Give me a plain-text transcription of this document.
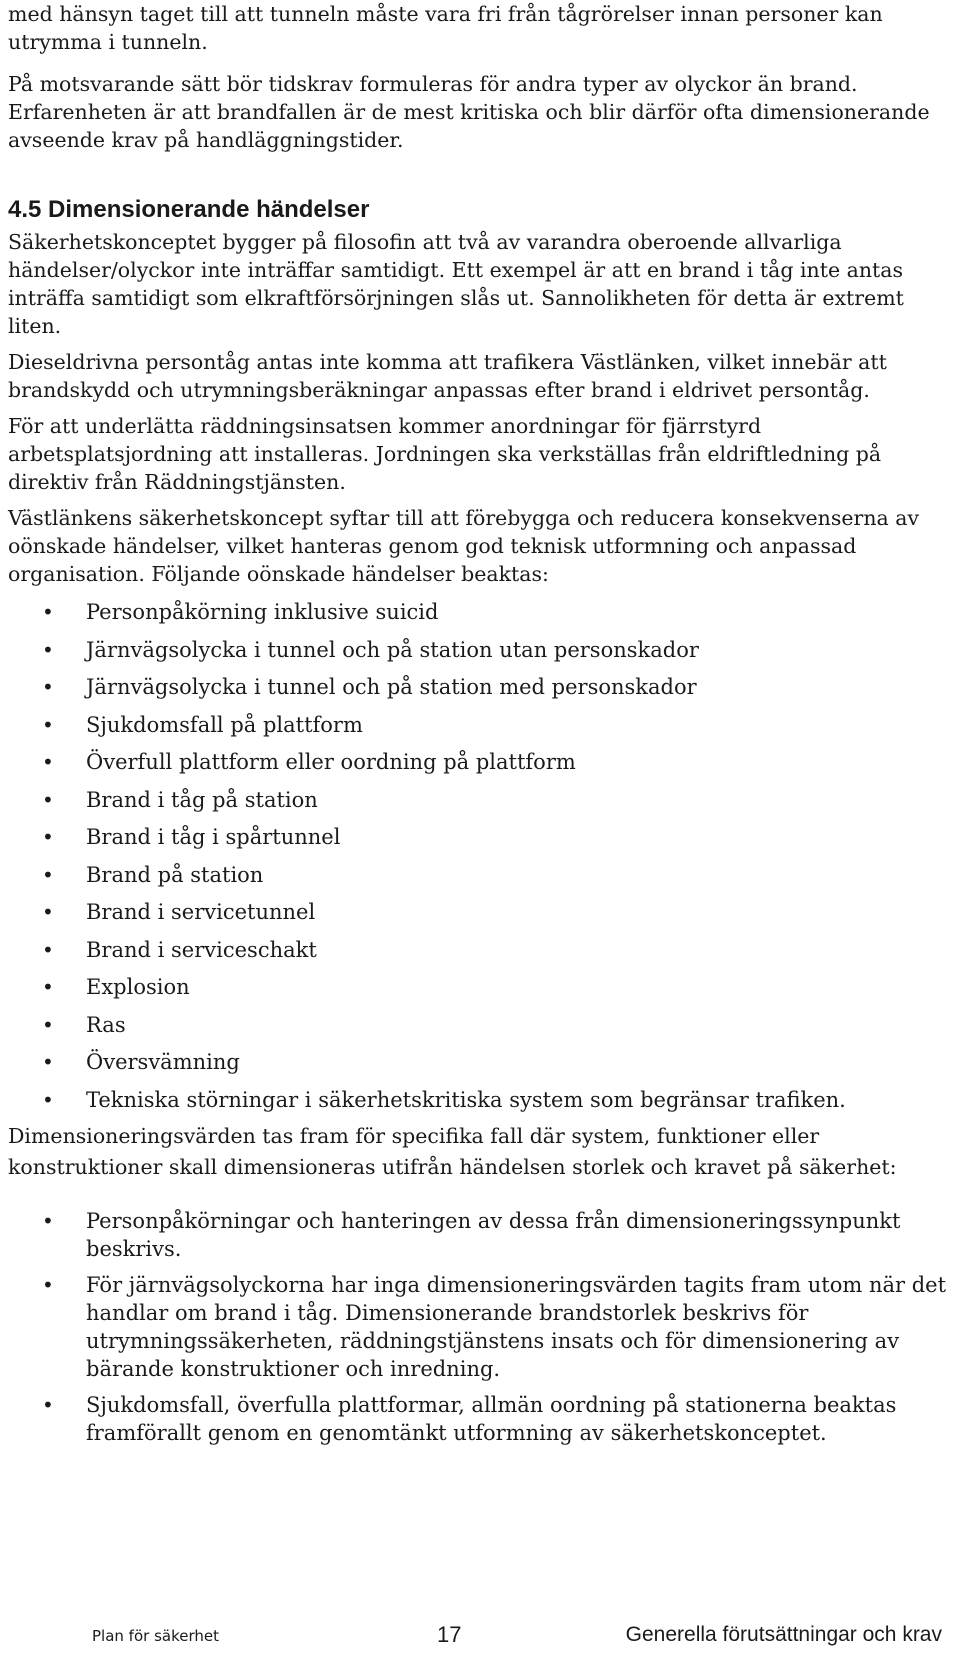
med hänsyn taget till att tunneln måste vara fri från tågrörelser innan personer kan utrymma i tunneln.

På motsvarande sätt bör tidskrav formuleras för andra typer av olyckor än brand. Erfarenheten är att brandfallen är de mest kritiska och blir därför ofta dimensionerande avseende krav på handläggningstider.

4.5 Dimensionerande händelser

Säkerhetskonceptet bygger på filosofin att två av varandra oberoende allvarliga händelser/olyckor inte inträffar samtidigt. Ett exempel är att en brand i tåg inte antas inträffa samtidigt som elkraftförsörjningen slås ut. Sannolikheten för detta är extremt liten.

Dieseldrivna persontåg antas inte komma att trafikera Västlänken, vilket innebär att brandskydd och utrymningsberäkningar anpassas efter brand i eldrivet persontåg.

För att underlätta räddningsinsatsen kommer anordningar för fjärrstyrd arbetsplatsjordning att installeras. Jordningen ska verkställas från eldriftledning på direktiv från Räddningstjänsten.

Västlänkens säkerhetskoncept syftar till att förebygga och reducera konsekvenserna av oönskade händelser, vilket hanteras genom god teknisk utformning och anpassad organisation. Följande oönskade händelser beaktas:

• Personpåkörning inklusive suicid
• Järnvägsolycka i tunnel och på station utan personskador
• Järnvägsolycka i tunnel och på station med personskador
• Sjukdomsfall på plattform
• Överfull plattform eller oordning på plattform
• Brand i tåg på station
• Brand i tåg i spårtunnel
• Brand på station
• Brand i servicetunnel
• Brand i serviceschakt
• Explosion
• Ras
• Översvämning
• Tekniska störningar i säkerhetskritiska system som begränsar trafiken.

Dimensioneringsvärden tas fram för specifika fall där system, funktioner eller konstruktioner skall dimensioneras utifrån händelsen storlek och kravet på säkerhet:

• Personpåkörningar och hanteringen av dessa från dimensioneringssynpunkt beskrivs.
• För järnvägsolyckorna har inga dimensioneringsvärden tagits fram utom när det handlar om brand i tåg. Dimensionerande brandstorlek beskrivs för utrymningssäkerheten, räddningstjänstens insats och för dimensionering av bärande konstruktioner och inredning.
• Sjukdomsfall, överfulla plattformar, allmän oordning på stationerna beaktas framförallt genom en genomtänkt utformning av säkerhetskonceptet.
Plan för säkerhet	17	Generella förutsättningar och krav
